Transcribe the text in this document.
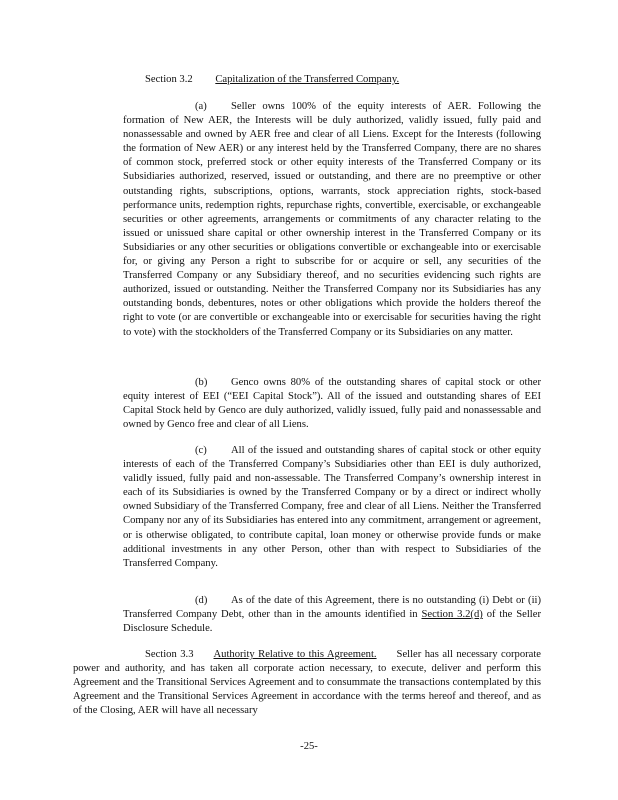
Section 3.2 Capitalization of the Transferred Company.
(a) Seller owns 100% of the equity interests of AER. Following the formation of New AER, the Interests will be duly authorized, validly issued, fully paid and nonassessable and owned by AER free and clear of all Liens. Except for the Interests (following the formation of New AER) or any interest held by the Transferred Company, there are no shares of common stock, preferred stock or other equity interests of the Transferred Company or its Subsidiaries authorized, reserved, issued or outstanding, and there are no preemptive or other outstanding rights, subscriptions, options, warrants, stock appreciation rights, stock-based performance units, redemption rights, repurchase rights, convertible, exercisable, or exchangeable securities or other agreements, arrangements or commitments of any character relating to the issued or unissued share capital or other ownership interest in the Transferred Company or its Subsidiaries or any other securities or obligations convertible or exchangeable into or exercisable for, or giving any Person a right to subscribe for or acquire or sell, any securities of the Transferred Company or any Subsidiary thereof, and no securities evidencing such rights are authorized, issued or outstanding. Neither the Transferred Company nor its Subsidiaries has any outstanding bonds, debentures, notes or other obligations which provide the holders thereof the right to vote (or are convertible or exchangeable into or exercisable for securities having the right to vote) with the stockholders of the Transferred Company or its Subsidiaries on any matter.
(b) Genco owns 80% of the outstanding shares of capital stock or other equity interest of EEI (“EEI Capital Stock”). All of the issued and outstanding shares of EEI Capital Stock held by Genco are duly authorized, validly issued, fully paid and nonassessable and owned by Genco free and clear of all Liens.
(c) All of the issued and outstanding shares of capital stock or other equity interests of each of the Transferred Company’s Subsidiaries other than EEI is duly authorized, validly issued, fully paid and non-assessable. The Transferred Company’s ownership interest in each of its Subsidiaries is owned by the Transferred Company or by a direct or indirect wholly owned Subsidiary of the Transferred Company, free and clear of all Liens. Neither the Transferred Company nor any of its Subsidiaries has entered into any commitment, arrangement or agreement, or is otherwise obligated, to contribute capital, loan money or otherwise provide funds or make additional investments in any other Person, other than with respect to Subsidiaries of the Transferred Company.
(d) As of the date of this Agreement, there is no outstanding (i) Debt or (ii) Transferred Company Debt, other than in the amounts identified in Section 3.2(d) of the Seller Disclosure Schedule.
Section 3.3 Authority Relative to this Agreement. Seller has all necessary corporate power and authority, and has taken all corporate action necessary, to execute, deliver and perform this Agreement and the Transitional Services Agreement and to consummate the transactions contemplated by this Agreement and the Transitional Services Agreement in accordance with the terms hereof and thereof, and as of the Closing, AER will have all necessary
-25-
